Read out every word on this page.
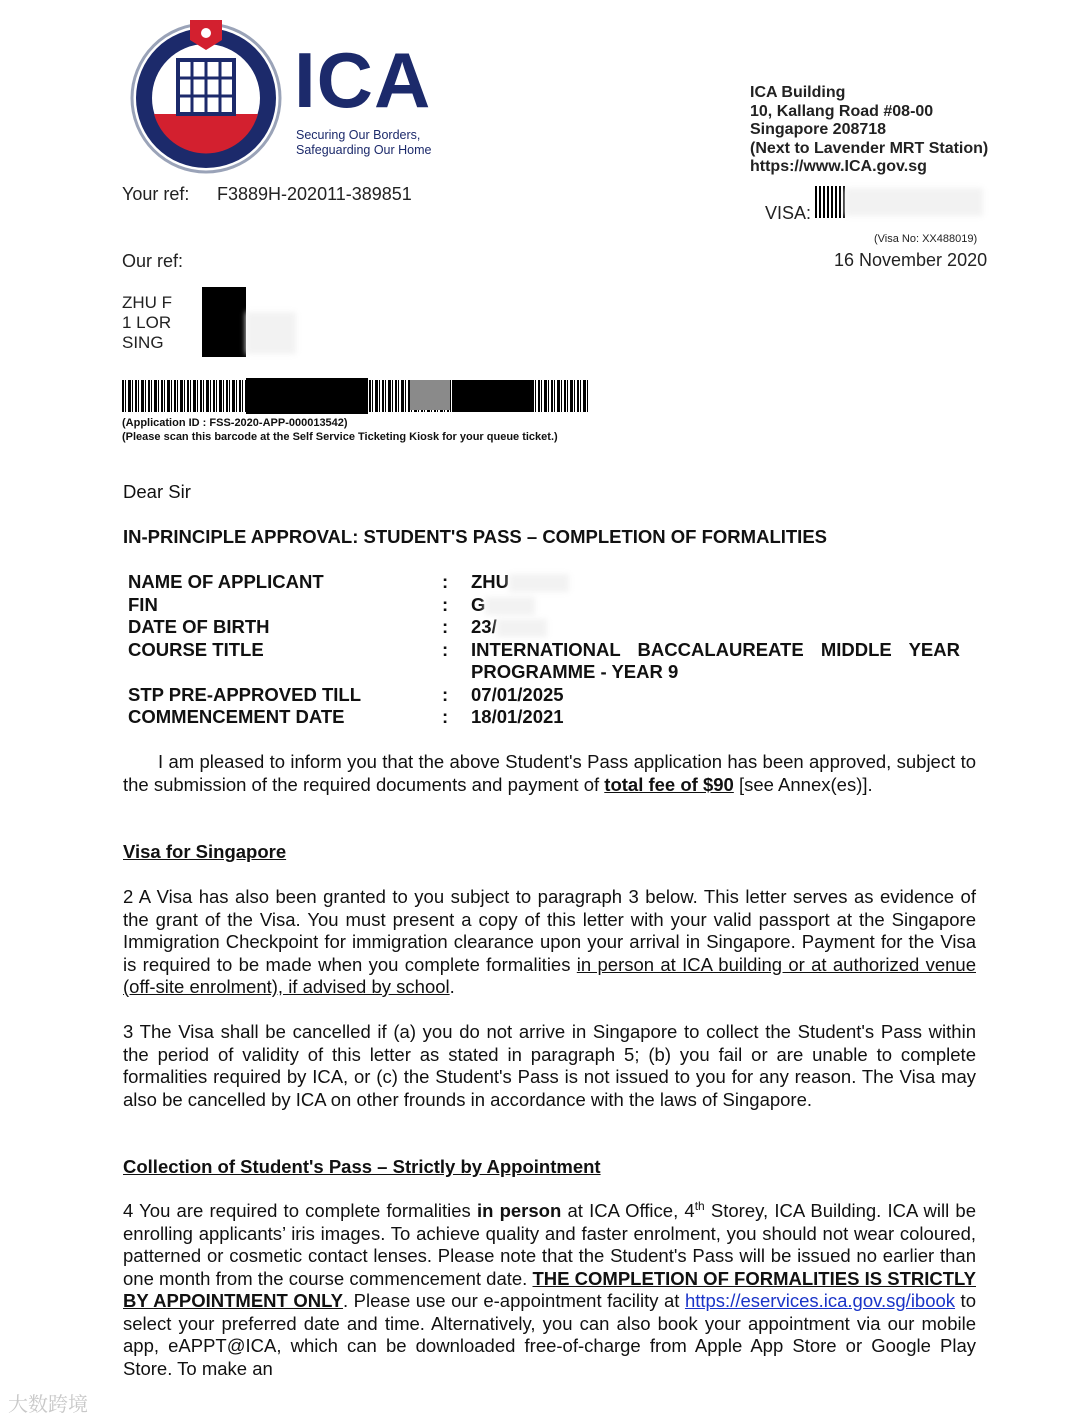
ICA
Securing Our Borders,
Safeguarding Our Home
ICA Building
10, Kallang Road #08-00
Singapore 208718
(Next to Lavender MRT Station)
https://www.ICA.gov.sg
Your ref: F3889H-202011-389851
VISA:
(Visa No: XX488019)
Our ref:	16 November 2020
ZHU F
1 LOR
SING
(Application ID : FSS-2020-APP-000013542)
(Please scan this barcode at the Self Service Ticketing Kiosk for your queue ticket.)
Dear Sir
IN-PRINCIPLE APPROVAL: STUDENT'S PASS – COMPLETION OF FORMALITIES
NAME OF APPLICANT	:	ZHU
FIN	:	G
DATE OF BIRTH	:	23/
COURSE TITLE	:	INTERNATIONAL BACCALAUREATE MIDDLE YEAR PROGRAMME - YEAR 9
STP PRE-APPROVED TILL	:	07/01/2025
COMMENCEMENT DATE	:	18/01/2021
I am pleased to inform you that the above Student's Pass application has been approved, subject to the submission of the required documents and payment of total fee of $90 [see Annex(es)].
Visa for Singapore
2 A Visa has also been granted to you subject to paragraph 3 below. This letter serves as evidence of the grant of the Visa. You must present a copy of this letter with your valid passport at the Singapore Immigration Checkpoint for immigration clearance upon your arrival in Singapore. Payment for the Visa is required to be made when you complete formalities in person at ICA building or at authorized venue (off-site enrolment), if advised by school.
3 The Visa shall be cancelled if (a) you do not arrive in Singapore to collect the Student's Pass within the period of validity of this letter as stated in paragraph 5; (b) you fail or are unable to complete formalities required by ICA, or (c) the Student's Pass is not issued to you for any reason. The Visa may also be cancelled by ICA on other frounds in accordance with the laws of Singapore.
Collection of Student's Pass – Strictly by Appointment
4 You are required to complete formalities in person at ICA Office, 4th Storey, ICA Building. ICA will be enrolling applicants’ iris images. To achieve quality and faster enrolment, you should not wear coloured, patterned or cosmetic contact lenses. Please note that the Student's Pass will be issued no earlier than one month from the course commencement date. THE COMPLETION OF FORMALITIES IS STRICTLY BY APPOINTMENT ONLY. Please use our e-appointment facility at https://eservices.ica.gov.sg/ibook to select your preferred date and time. Alternatively, you can also book your appointment via our mobile app, eAPPT@ICA, which can be downloaded free-of-charge from Apple App Store or Google Play Store. To make an
大数跨境
